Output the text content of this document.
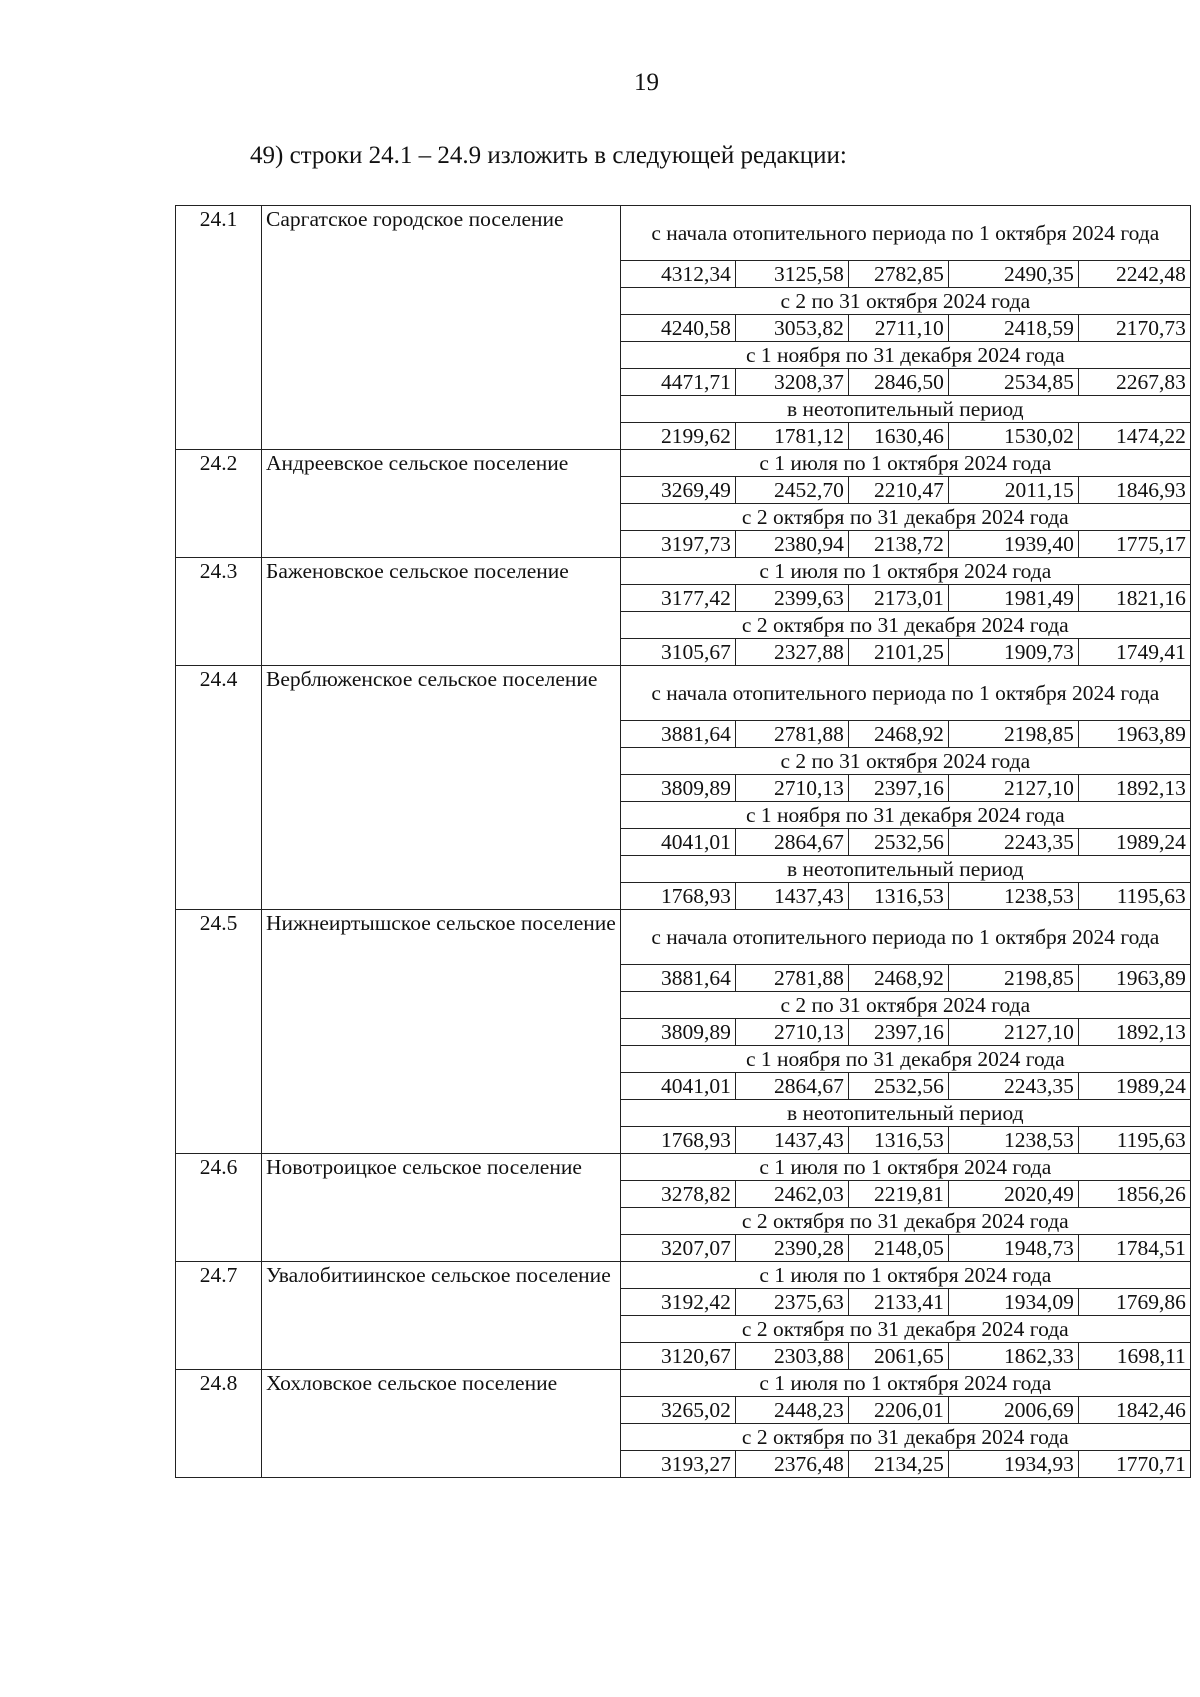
19
49) строки 24.1 – 24.9 изложить в следующей редакции:
24.1	Саргатское городское поселение	с начала отопительного периода по 1 октября 2024 года				
		4312,34	3125,58	2782,85	2490,35	2242,48
		с 2 по 31 октября 2024 года				
		4240,58	3053,82	2711,10	2418,59	2170,73
		с 1 ноября по 31 декабря 2024 года				
		4471,71	3208,37	2846,50	2534,85	2267,83
		в неотопительный период				
		2199,62	1781,12	1630,46	1530,02	1474,22
24.2	Андреевское сельское поселение	с 1 июля по 1 октября 2024 года				
		3269,49	2452,70	2210,47	2011,15	1846,93
		с 2 октября по 31 декабря 2024 года				
		3197,73	2380,94	2138,72	1939,40	1775,17
24.3	Баженовское сельское поселение	с 1 июля по 1 октября 2024 года				
		3177,42	2399,63	2173,01	1981,49	1821,16
		с 2 октября по 31 декабря 2024 года				
		3105,67	2327,88	2101,25	1909,73	1749,41
24.4	Верблюженское сельское поселение	с начала отопительного периода по 1 октября 2024 года				
		3881,64	2781,88	2468,92	2198,85	1963,89
		с 2 по 31 октября 2024 года				
		3809,89	2710,13	2397,16	2127,10	1892,13
		с 1 ноября по 31 декабря 2024 года				
		4041,01	2864,67	2532,56	2243,35	1989,24
		в неотопительный период				
		1768,93	1437,43	1316,53	1238,53	1195,63
24.5	Нижнеиртышское сельское поселение	с начала отопительного периода по 1 октября 2024 года				
		3881,64	2781,88	2468,92	2198,85	1963,89
		с 2 по 31 октября 2024 года				
		3809,89	2710,13	2397,16	2127,10	1892,13
		с 1 ноября по 31 декабря 2024 года				
		4041,01	2864,67	2532,56	2243,35	1989,24
		в неотопительный период				
		1768,93	1437,43	1316,53	1238,53	1195,63
24.6	Новотроицкое сельское поселение	с 1 июля по 1 октября 2024 года				
		3278,82	2462,03	2219,81	2020,49	1856,26
		с 2 октября по 31 декабря 2024 года				
		3207,07	2390,28	2148,05	1948,73	1784,51
24.7	Увалобитиинское сельское поселение	с 1 июля по 1 октября 2024 года				
		3192,42	2375,63	2133,41	1934,09	1769,86
		с 2 октября по 31 декабря 2024 года				
		3120,67	2303,88	2061,65	1862,33	1698,11
24.8	Хохловское сельское поселение	с 1 июля по 1 октября 2024 года				
		3265,02	2448,23	2206,01	2006,69	1842,46
		с 2 октября по 31 декабря 2024 года				
		3193,27	2376,48	2134,25	1934,93	1770,71
